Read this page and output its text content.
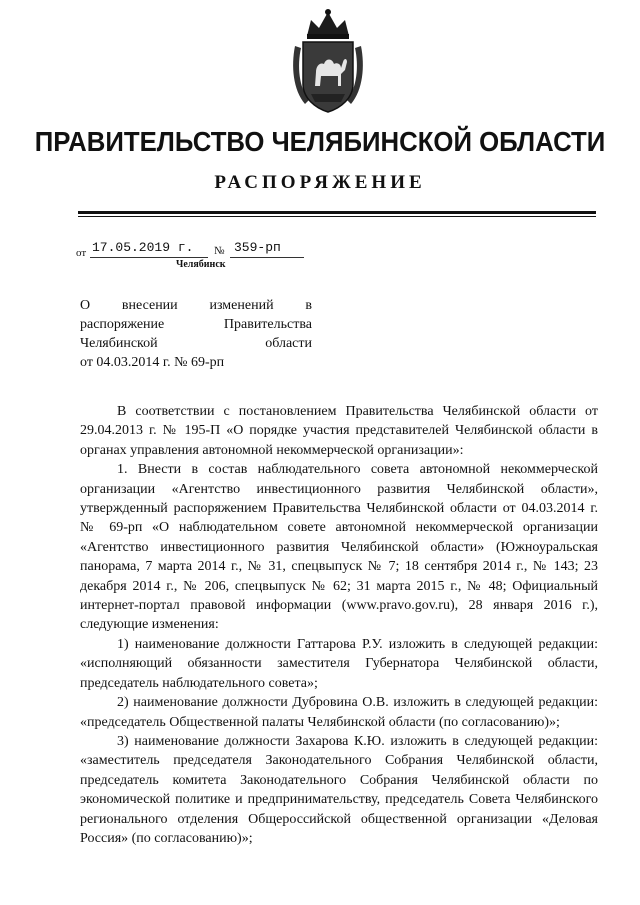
ПРАВИТЕЛЬСТВО ЧЕЛЯБИНСКОЙ ОБЛАСТИ
РАСПОРЯЖЕНИЕ
от 17.05.2019 г. № 359-рп
Челябинск
О внесении изменений в
распоряжение Правительства
Челябинской области
от 04.03.2014 г. № 69-рп

В соответствии с постановлением Правительства Челябинской области от 29.04.2013 г. № 195-П «О порядке участия представителей Челябинской области в органах управления автономной некоммерческой организации»:

1. Внести в состав наблюдательного совета автономной некоммерческой организации «Агентство инвестиционного развития Челябинской области», утвержденный распоряжением Правительства Челябинской области от 04.03.2014 г. № 69-рп «О наблюдательном совете автономной некоммерческой организации «Агентство инвестиционного развития Челябинской области» (Южноуральская панорама, 7 марта 2014 г., № 31, спецвыпуск № 7; 18 сентября 2014 г., № 143; 23 декабря 2014 г., № 206, спецвыпуск № 62; 31 марта 2015 г., № 48; Официальный интернет-портал правовой информации (www.pravo.gov.ru), 28 января 2016 г.), следующие изменения:

1) наименование должности Гаттарова Р.У. изложить в следующей редакции: «исполняющий обязанности заместителя Губернатора Челябинской области, председатель наблюдательного совета»;

2) наименование должности Дубровина О.В. изложить в следующей редакции: «председатель Общественной палаты Челябинской области (по согласованию)»;

3) наименование должности Захарова К.Ю. изложить в следующей редакции: «заместитель председателя Законодательного Собрания Челябинской области, председатель комитета Законодательного Собрания Челябинской области по экономической политике и предпринимательству, председатель Совета Челябинского регионального отделения Общероссийской общественной организации «Деловая Россия» (по согласованию)»;
